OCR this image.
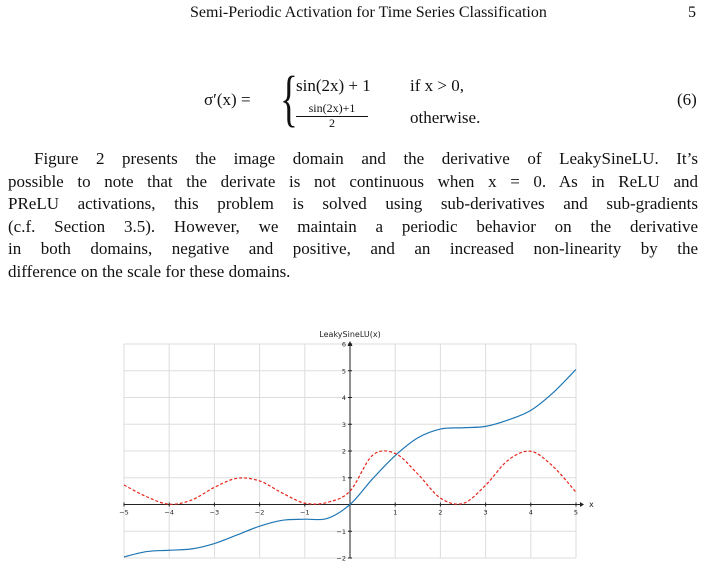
Semi-Periodic Activation for Time Series Classification	5
σ′(x) = {
sin(2x) + 1 if x > 0,
$\frac{\sin(2x)+1}{2}$ otherwise.
(6)
Figure 2 presents the image domain and the derivative of LeakySineLU. It’s
possible to note that the derivate is not continuous when x = 0. As in ReLU and
PReLU activations, this problem is solved using sub-derivatives and sub-gradients
(c.f. Section 3.5). However, we maintain a periodic behavior on the derivative
in both domains, negative and positive, and an increased non-linearity by the
difference on the scale for these domains.
−5	−4	−3	−2	−1	1	2	3	4	5
−2
−1
1
2
3
4
5
6
LeakySineLU(x)
x
